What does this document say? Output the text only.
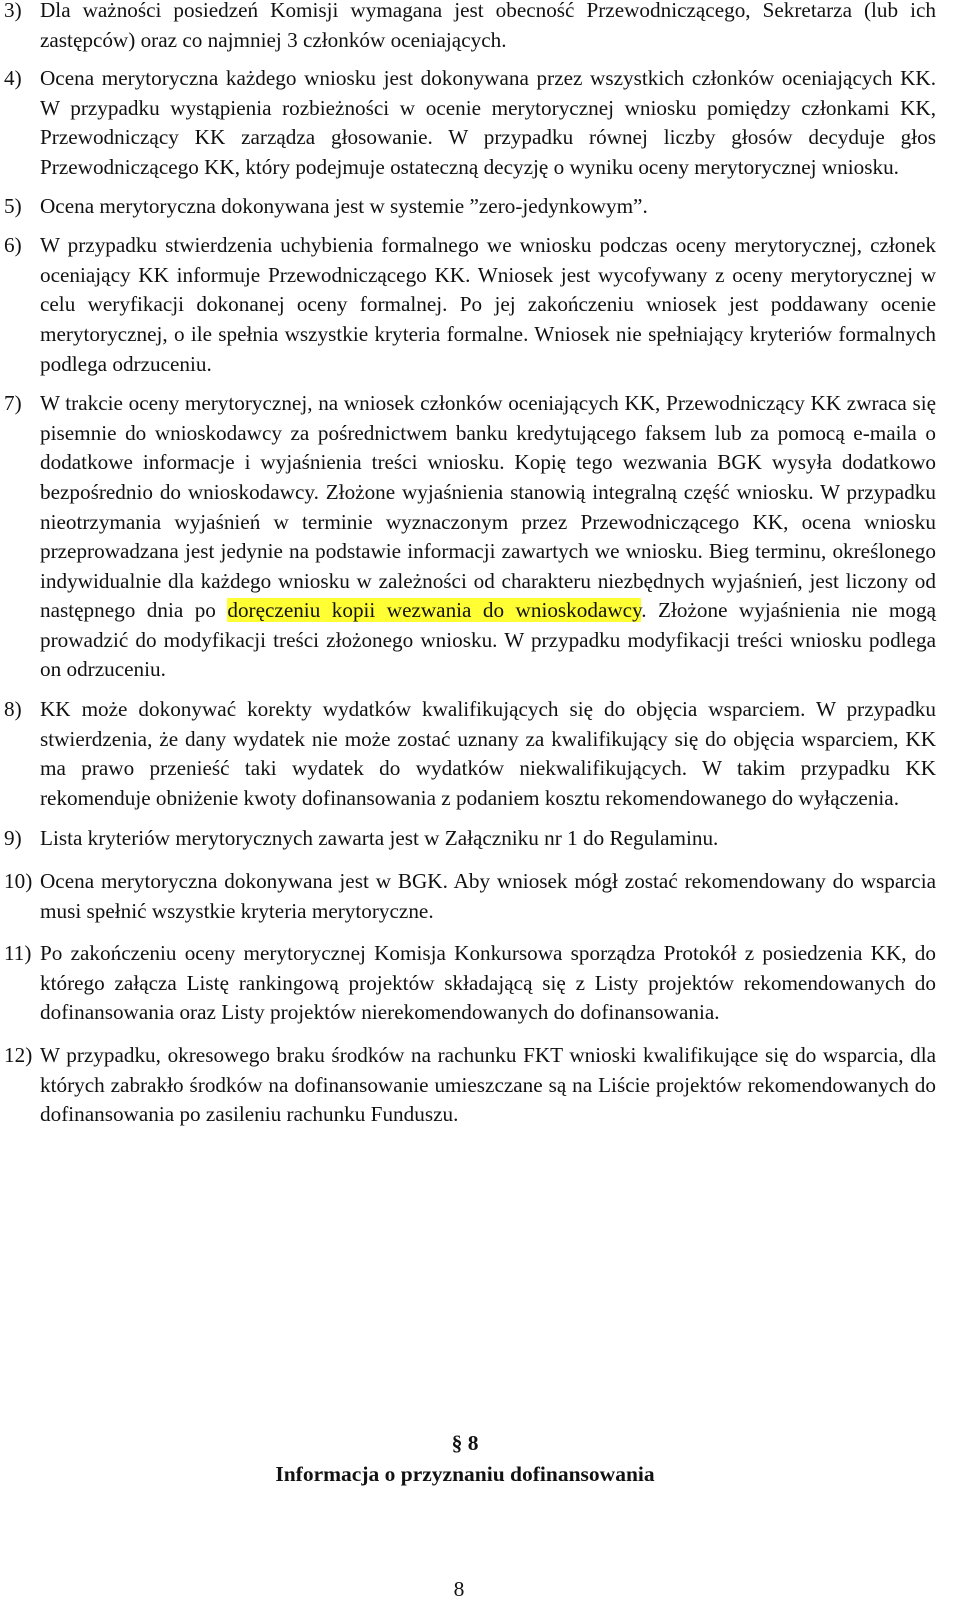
3) Dla ważności posiedzeń Komisji wymagana jest obecność Przewodniczącego, Sekretarza (lub ich zastępców) oraz co najmniej 3 członków oceniających.
4) Ocena merytoryczna każdego wniosku jest dokonywana przez wszystkich członków oceniających KK. W przypadku wystąpienia rozbieżności w ocenie merytorycznej wniosku pomiędzy członkami KK, Przewodniczący KK zarządza głosowanie. W przypadku równej liczby głosów decyduje głos Przewodniczącego KK, który podejmuje ostateczną decyzję o wyniku oceny merytorycznej wniosku.
5) Ocena merytoryczna dokonywana jest w systemie ”zero-jedynkowym”.
6) W przypadku stwierdzenia uchybienia formalnego we wniosku podczas oceny merytorycznej, członek oceniający KK informuje Przewodniczącego KK. Wniosek jest wycofywany z oceny merytorycznej w celu weryfikacji dokonanej oceny formalnej. Po jej zakończeniu wniosek jest poddawany ocenie merytorycznej, o ile spełnia wszystkie kryteria formalne. Wniosek nie spełniający kryteriów formalnych podlega odrzuceniu.
7) W trakcie oceny merytorycznej, na wniosek członków oceniających KK, Przewodniczący KK zwraca się pisemnie do wnioskodawcy za pośrednictwem banku kredytującego faksem lub za pomocą e-maila o dodatkowe informacje i wyjaśnienia treści wniosku. Kopię tego wezwania BGK wysyła dodatkowo bezpośrednio do wnioskodawcy. Złożone wyjaśnienia stanowią integralną część wniosku. W przypadku nieotrzymania wyjaśnień w terminie wyznaczonym przez Przewodniczącego KK, ocena wniosku przeprowadzana jest jedynie na podstawie informacji zawartych we wniosku. Bieg terminu, określonego indywidualnie dla każdego wniosku w zależności od charakteru niezbędnych wyjaśnień, jest liczony od następnego dnia po doręczeniu kopii wezwania do wnioskodawcy. Złożone wyjaśnienia nie mogą prowadzić do modyfikacji treści złożonego wniosku. W przypadku modyfikacji treści wniosku podlega on odrzuceniu.
8) KK może dokonywać korekty wydatków kwalifikujących się do objęcia wsparciem. W przypadku stwierdzenia, że dany wydatek nie może zostać uznany za kwalifikujący się do objęcia wsparciem, KK ma prawo przenieść taki wydatek do wydatków niekwalifikujących. W takim przypadku KK rekomenduje obniżenie kwoty dofinansowania z podaniem kosztu rekomendowanego do wyłączenia.
9) Lista kryteriów merytorycznych zawarta jest w Załączniku nr 1 do Regulaminu.
10) Ocena merytoryczna dokonywana jest w BGK. Aby wniosek mógł zostać rekomendowany do wsparcia musi spełnić wszystkie kryteria merytoryczne.
11) Po zakończeniu oceny merytorycznej Komisja Konkursowa sporządza Protokół z posiedzenia KK, do którego załącza Listę rankingową projektów składającą się z Listy projektów rekomendowanych do dofinansowania oraz Listy projektów nierekomendowanych do dofinansowania.
12) W przypadku, okresowego braku środków na rachunku FKT wnioski kwalifikujące się do wsparcia, dla których zabrakło środków na dofinansowanie umieszczane są na Liście projektów rekomendowanych do dofinansowania po zasileniu rachunku Funduszu.
§ 8
Informacja o przyznaniu dofinansowania
8
